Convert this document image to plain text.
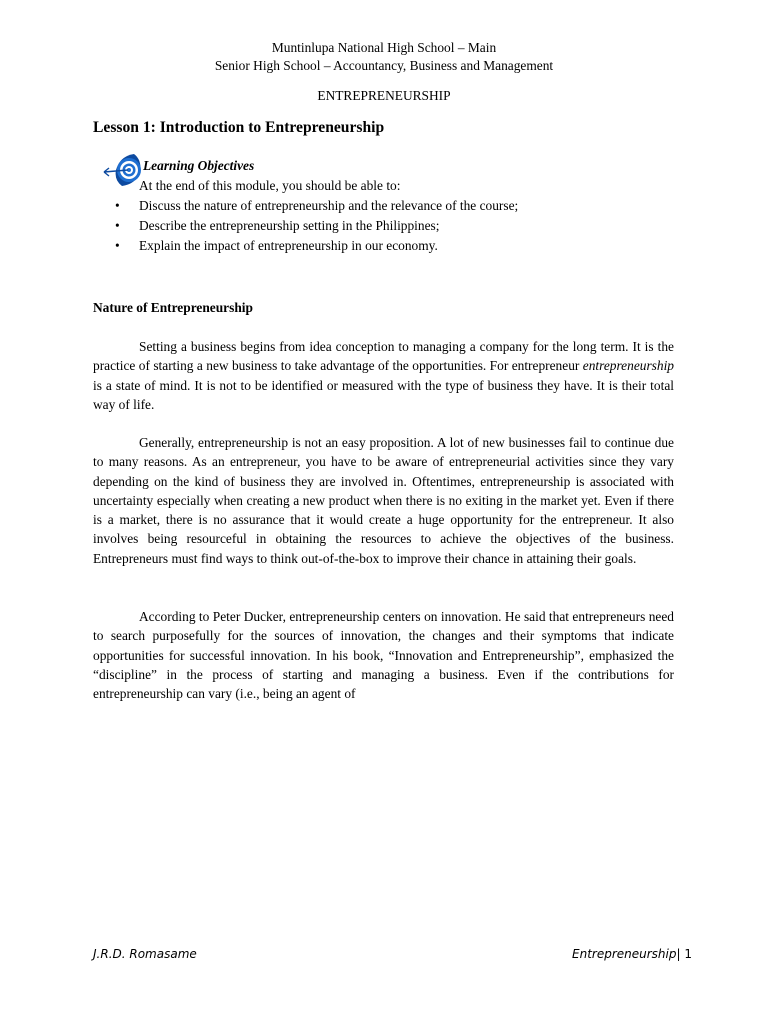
Muntinlupa National High School – Main
Senior High School – Accountancy, Business and Management
ENTREPRENEURSHIP
Lesson 1: Introduction to Entrepreneurship
Learning Objectives
At the end of this module, you should be able to:
• Discuss the nature of entrepreneurship and the relevance of the course;
• Describe the entrepreneurship setting in the Philippines;
• Explain the impact of entrepreneurship in our economy.
Nature of Entrepreneurship

Setting a business begins from idea conception to managing a company for the long term. It is the practice of starting a new business to take advantage of the opportunities. For entrepreneur entrepreneurship is a state of mind. It is not to be identified or measured with the type of business they have. It is their total way of life.

Generally, entrepreneurship is not an easy proposition. A lot of new businesses fail to continue due to many reasons. As an entrepreneur, you have to be aware of entrepreneurial activities since they vary depending on the kind of business they are involved in. Oftentimes, entrepreneurship is associated with uncertainty especially when creating a new product when there is no exiting in the market yet. Even if there is a market, there is no assurance that it would create a huge opportunity for the entrepreneur. It also involves being resourceful in obtaining the resources to achieve the objectives of the business. Entrepreneurs must find ways to think out-of-the-box to improve their chance in attaining their goals.

According to Peter Ducker, entrepreneurship centers on innovation. He said that entrepreneurs need to search purposefully for the sources of innovation, the changes and their symptoms that indicate opportunities for successful innovation. In his book, “Innovation and Entrepreneurship”, emphasized the “discipline” in the process of starting and managing a business. Even if the contributions for entrepreneurship can vary (i.e., being an agent of

J.R.D. Romasame	Entrepreneurship| 1
